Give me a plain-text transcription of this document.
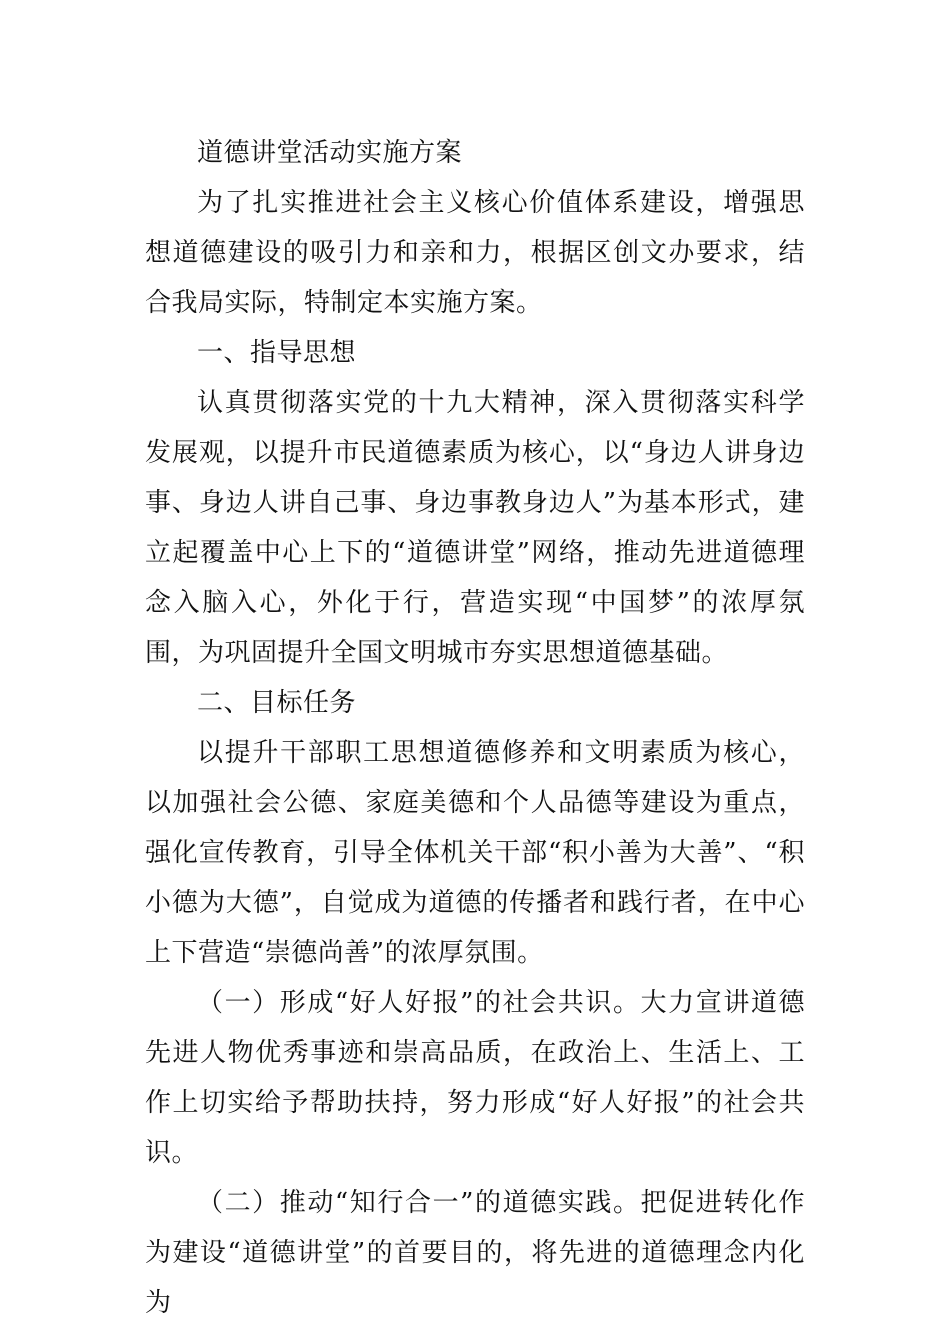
道德讲堂活动实施方案

为了扎实推进社会主义核心价值体系建设，增强思想道德建设的吸引力和亲和力，根据区创文办要求，结合我局实际，特制定本实施方案。

一、指导思想

认真贯彻落实党的十九大精神，深入贯彻落实科学发展观，以提升市民道德素质为核心，以“身边人讲身边事、身边人讲自己事、身边事教身边人”为基本形式，建立起覆盖中心上下的“道德讲堂”网络，推动先进道德理念入脑入心，外化于行，营造实现“中国梦”的浓厚氛围，为巩固提升全国文明城市夯实思想道德基础。

二、目标任务

以提升干部职工思想道德修养和文明素质为核心，以加强社会公德、家庭美德和个人品德等建设为重点，强化宣传教育，引导全体机关干部“积小善为大善”、“积小德为大德”，自觉成为道德的传播者和践行者，在中心上下营造“崇德尚善”的浓厚氛围。

（一）形成“好人好报”的社会共识。大力宣讲道德先进人物优秀事迹和崇高品质，在政治上、生活上、工作上切实给予帮助扶持，努力形成“好人好报”的社会共识。

（二）推动“知行合一”的道德实践。把促进转化作为建设“道德讲堂”的首要目的，将先进的道德理念内化为
